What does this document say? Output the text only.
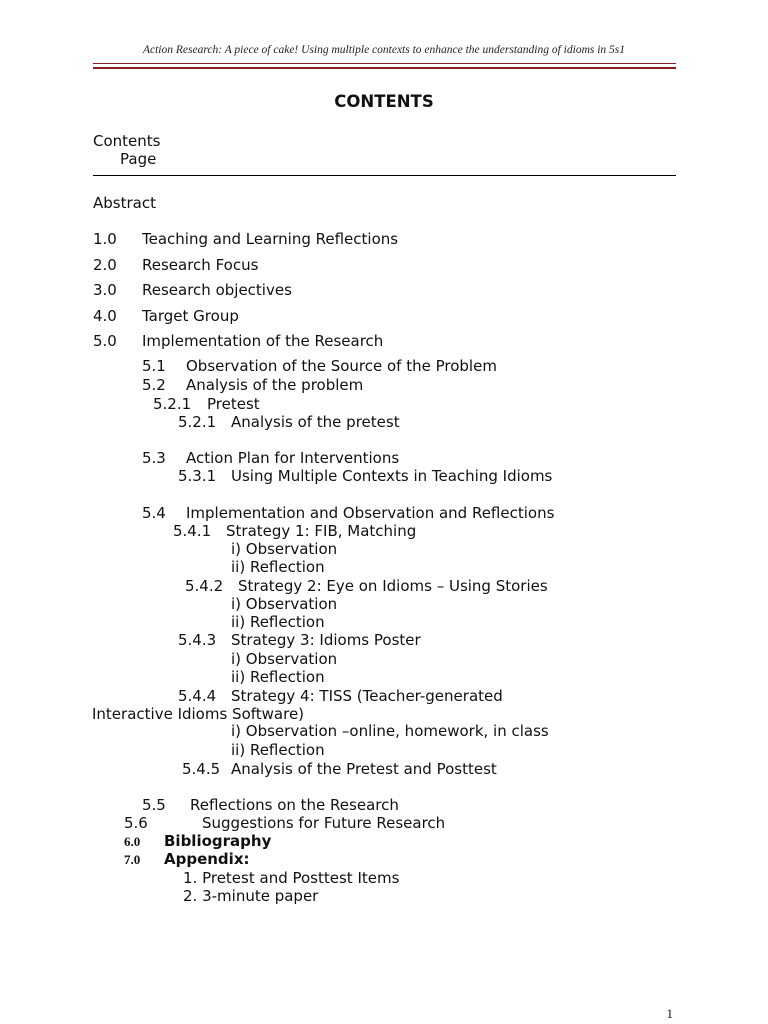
Action Research: A piece of cake! Using multiple contexts to enhance the understanding of idioms in 5s1
CONTENTS
Contents
Page
Abstract
1.0 Teaching and Learning Reflections
2.0 Research Focus
3.0 Research objectives
4.0 Target Group
5.0 Implementation of the Research
5.1 Observation of the Source of the Problem
5.2 Analysis of the problem
5.2.1 Pretest
5.2.1 Analysis of the pretest
5.3 Action Plan for Interventions
5.3.1 Using Multiple Contexts in Teaching Idioms
5.4 Implementation and Observation and Reflections
5.4.1 Strategy 1: FIB, Matching
i) Observation
ii) Reflection
5.4.2 Strategy 2: Eye on Idioms – Using Stories
i) Observation
ii) Reflection
5.4.3 Strategy 3: Idioms Poster
i) Observation
ii) Reflection
5.4.4 Strategy 4: TISS (Teacher-generated
Interactive Idioms Software)
i) Observation –online, homework, in class
ii) Reflection
5.4.5 Analysis of the Pretest and Posttest
5.5 Reflections on the Research
5.6	Suggestions for Future Research
6.0 Bibliography
7.0 Appendix:
1. Pretest and Posttest Items
2. 3-minute paper
1
